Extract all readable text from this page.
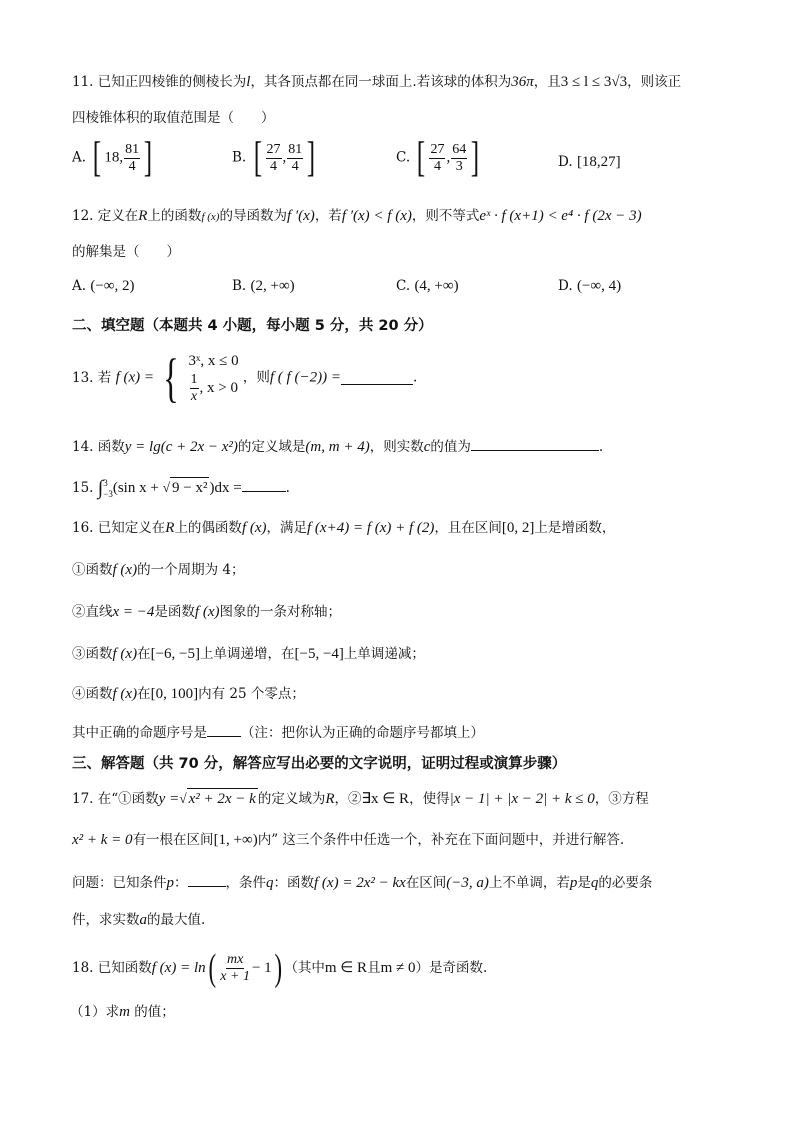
11. 已知正四棱锥的侧棱长为l，其各顶点都在同一球面上.若该球的体积为36π，且3 ≤ l ≤ 3√3，则该正
四棱锥体积的取值范围是（　　）
A. [ 18, $\frac{81}{4}$ ]	B. [ $\frac{27}{4}$ , $\frac{81}{4}$ ]	C. [ $\frac{27}{4}$ , $\frac{64}{3}$ ]	D. [18,27]
12. 定义在R上的函数f (x)的导函数为f ′(x)，若f ′(x) < f (x)，则不等式eˣ · f (x+1) < e⁴ · f (2x − 3)
的解集是（　　）
A. (−∞, 2)	B. (2, +∞)	C. (4, +∞)	D. (−∞, 4)
二、填空题（本题共 4 小题，每小题 5 分，共 20 分）
13. 若 f (x) = { 3ˣ, x ≤ 0
$\frac{1}{x}$ , x > 0
，则f ( f (−2)) =	.
14. 函数y = lg(c + 2x − x²)的定义域是(m, m + 4)，则实数c的值为	.
15. ∫ 3
−3 (sin x + √ 9 − x² )dx =	.
16. 已知定义在R上的偶函数f (x)，满足f (x+4) = f (x) + f (2)，且在区间[0, 2]上是增函数，
①函数f (x)的一个周期为 4；
②直线x = −4是函数f (x)图象的一条对称轴；
③函数f (x)在[−6, −5]上单调递增，在[−5, −4]上单调递减；
④函数f (x)在[0, 100]内有 25 个零点；
其中正确的命题序号是	（注：把你认为正确的命题序号都填上）
三、解答题（共 70 分，解答应写出必要的文字说明，证明过程或演算步骤）
17. 在“①函数y =√ x² + 2x − k 的定义域为R，②∃x ∈ R，使得|x − 1| + |x − 2| + k ≤ 0，③方程
x² + k = 0有一根在区间[1, +∞)内” 这三个条件中任选一个，补充在下面问题中，并进行解答.
问题：已知条件p：	，条件q：函数f (x) = 2x² − kx在区间(−3, a)上不单调，若p是q的必要条
件，求实数a的最大值.
18. 已知函数f $(x) = \ln( \frac{mx}{x + 1} - 1)$ （其中m ∈ R且m ≠ 0）是奇函数.
（1）求m 的值；
